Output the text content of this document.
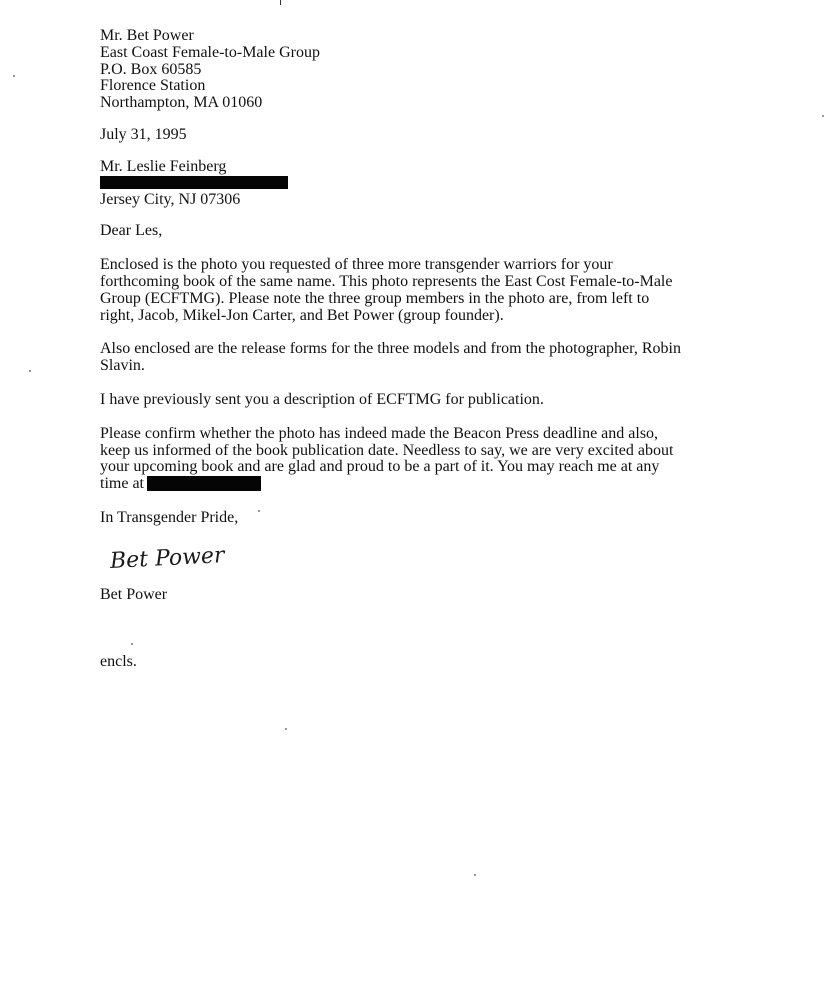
Mr. Bet Power
East Coast Female-to-Male Group
P.O. Box 60585
Florence Station
Northampton, MA 01060
July 31, 1995
Mr. Leslie Feinberg
Jersey City, NJ 07306
Dear Les,
Enclosed is the photo you requested of three more transgender warriors for your
forthcoming book of the same name. This photo represents the East Cost Female-to-Male
Group (ECFTMG). Please note the three group members in the photo are, from left to
right, Jacob, Mikel-Jon Carter, and Bet Power (group founder).
Also enclosed are the release forms for the three models and from the photographer, Robin
Slavin.
I have previously sent you a description of ECFTMG for publication.
Please confirm whether the photo has indeed made the Beacon Press deadline and also,
keep us informed of the book publication date. Needless to say, we are very excited about
your upcoming book and are glad and proud to be a part of it. You may reach me at any
time at
In Transgender Pride,
Bet Power
Bet Power
encls.
